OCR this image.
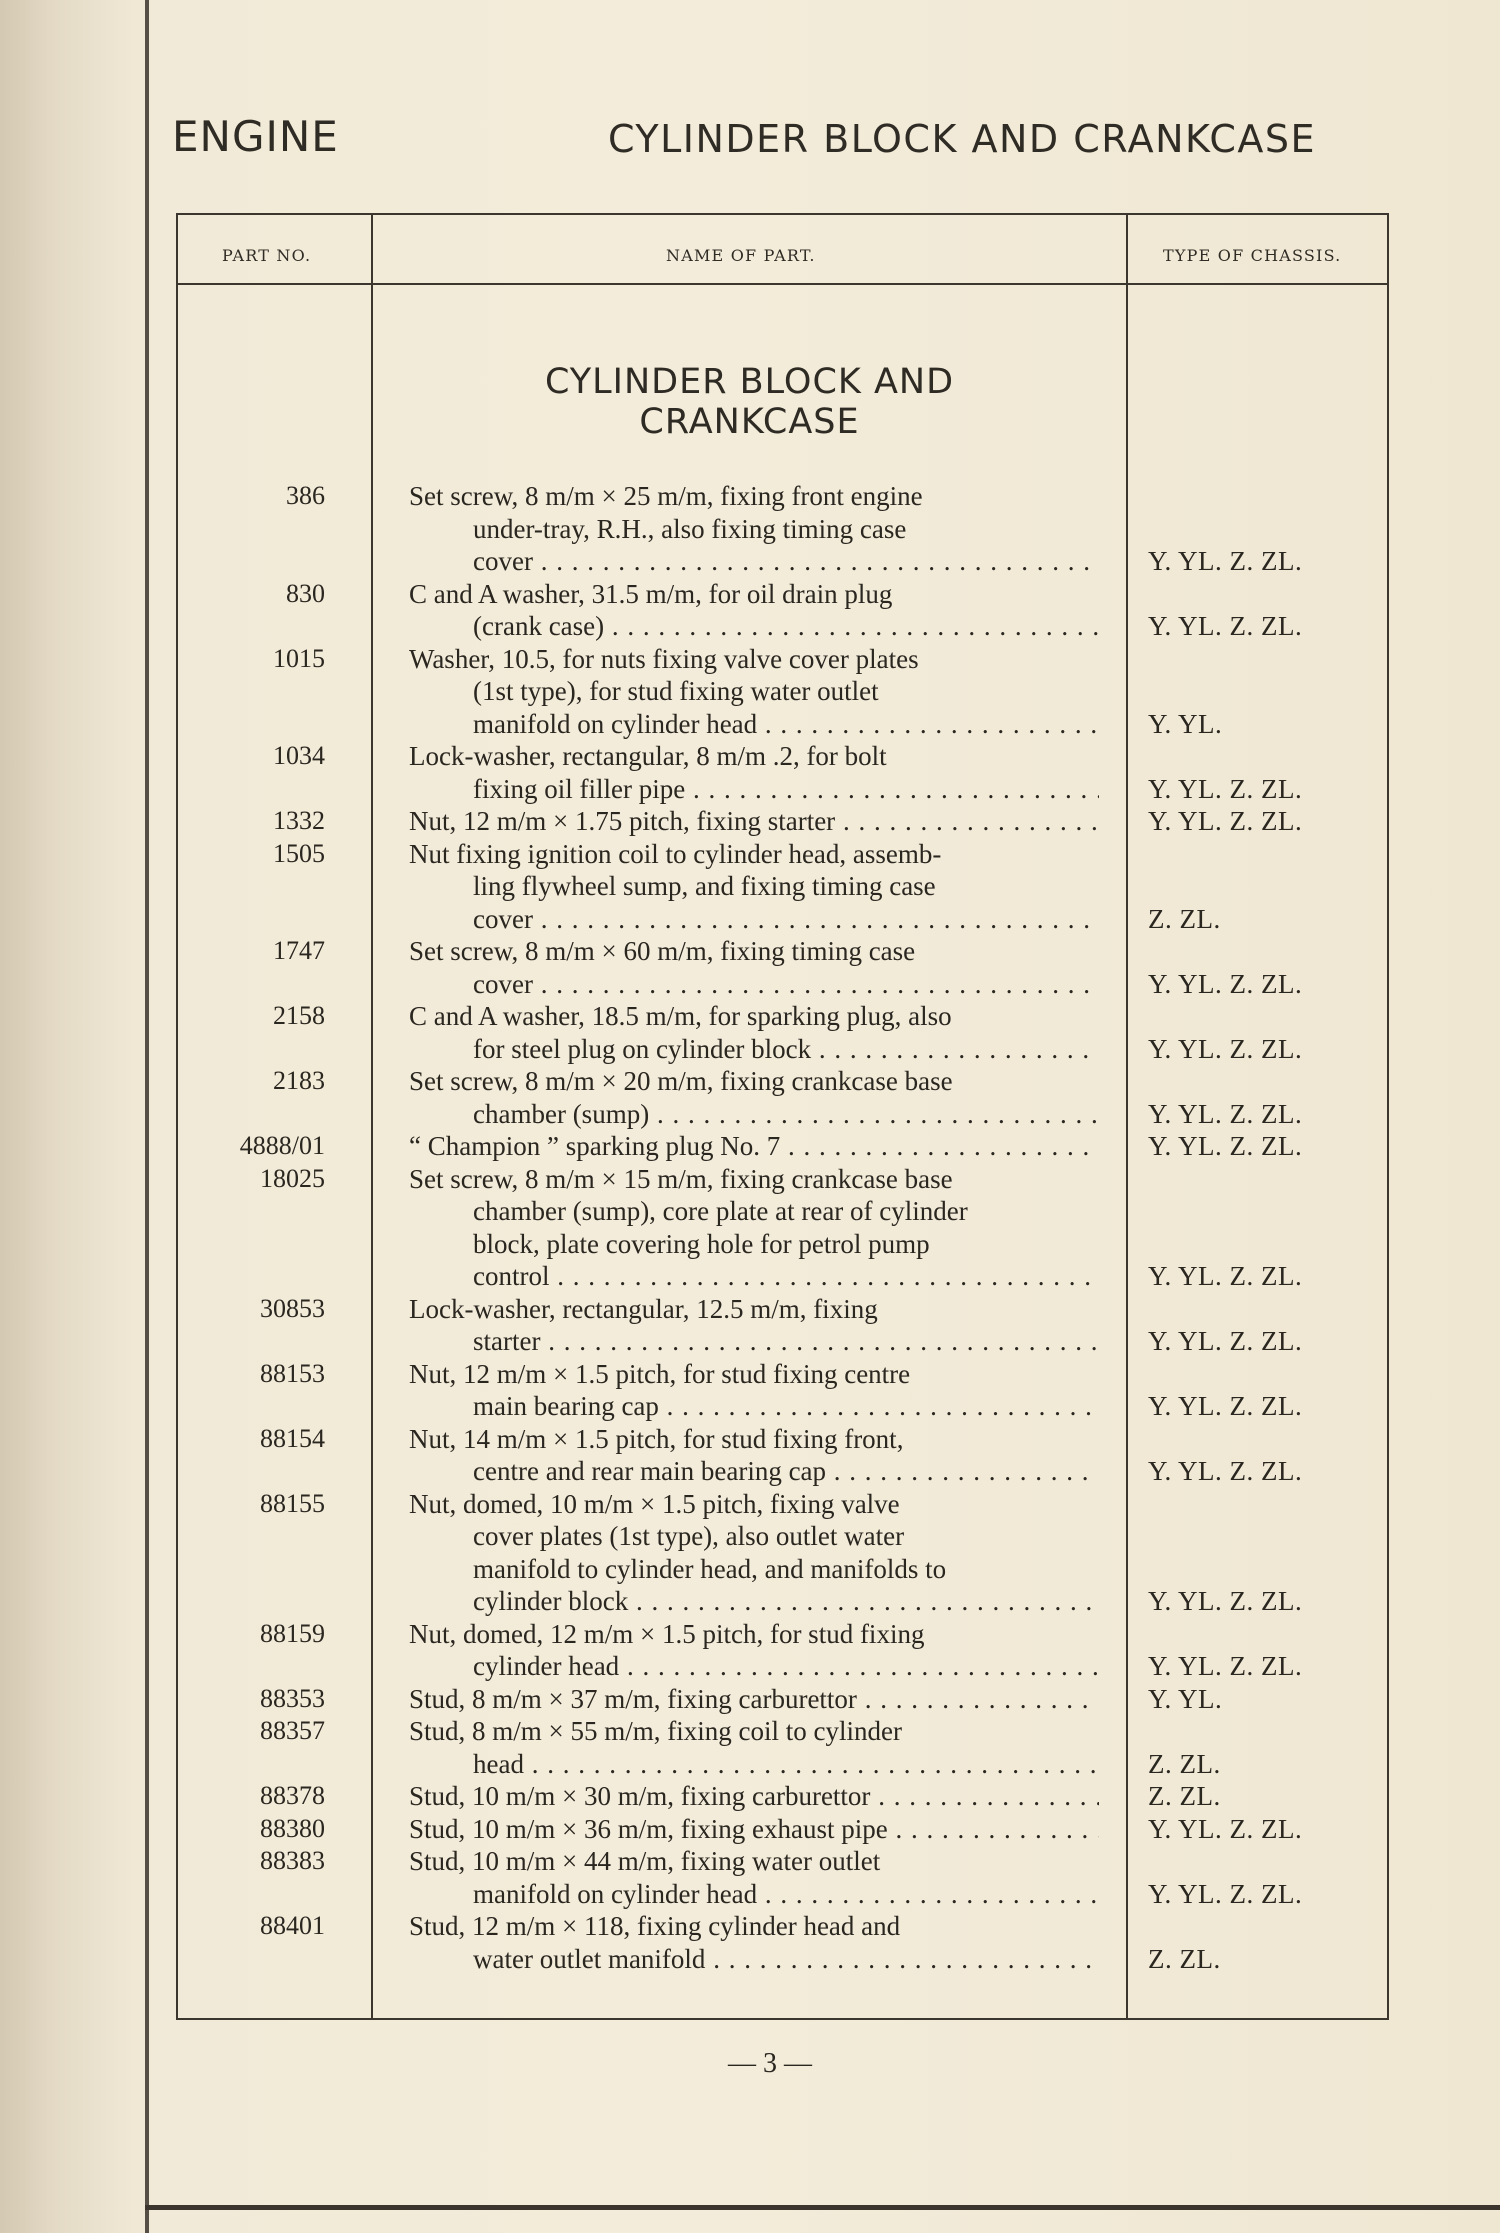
ENGINE	CYLINDER BLOCK AND CRANKCASE
PART NO.	NAME OF PART.	TYPE OF CHASSIS.
CYLINDER BLOCK AND
CRANKCASE
386	Set screw, 8 m/m × 25 m/m, fixing front engine
under-tray, R.H., also fixing timing case
cover . . .	Y. YL. Z. ZL.
830	C and A washer, 31.5 m/m, for oil drain plug
(crank case) . . .	Y. YL. Z. ZL.
1015	Washer, 10.5, for nuts fixing valve cover plates
(1st type), for stud fixing water outlet
manifold on cylinder head . . .	Y. YL.
1034	Lock-washer, rectangular, 8 m/m .2, for bolt
fixing oil filler pipe . . .	Y. YL. Z. ZL.
1332	Nut, 12 m/m × 1.75 pitch, fixing starter . . .	Y. YL. Z. ZL.
1505	Nut fixing ignition coil to cylinder head, assemb-
ling flywheel sump, and fixing timing case
cover . . .	Z. ZL.
1747	Set screw, 8 m/m × 60 m/m, fixing timing case
cover . . .	Y. YL. Z. ZL.
2158	C and A washer, 18.5 m/m, for sparking plug, also
for steel plug on cylinder block . . .	Y. YL. Z. ZL.
2183	Set screw, 8 m/m × 20 m/m, fixing crankcase base
chamber (sump) . . .	Y. YL. Z. ZL.
4888/01	“ Champion ” sparking plug No. 7 . . .	Y. YL. Z. ZL.
18025	Set screw, 8 m/m × 15 m/m, fixing crankcase base
chamber (sump), core plate at rear of cylinder
block, plate covering hole for petrol pump
control . . .	Y. YL. Z. ZL.
30853	Lock-washer, rectangular, 12.5 m/m, fixing
starter . . .	Y. YL. Z. ZL.
88153	Nut, 12 m/m × 1.5 pitch, for stud fixing centre
main bearing cap . . .	Y. YL. Z. ZL.
88154	Nut, 14 m/m × 1.5 pitch, for stud fixing front,
centre and rear main bearing cap . . .	Y. YL. Z. ZL.
88155	Nut, domed, 10 m/m × 1.5 pitch, fixing valve
cover plates (1st type), also outlet water
manifold to cylinder head, and manifolds to
cylinder block . . .	Y. YL. Z. ZL.
88159	Nut, domed, 12 m/m × 1.5 pitch, for stud fixing
cylinder head . . .	Y. YL. Z. ZL.
88353	Stud, 8 m/m × 37 m/m, fixing carburettor . . .	Y. YL.
88357	Stud, 8 m/m × 55 m/m, fixing coil to cylinder
head . . .	Z. ZL.
88378	Stud, 10 m/m × 30 m/m, fixing carburettor . . .	Z. ZL.
88380	Stud, 10 m/m × 36 m/m, fixing exhaust pipe . . .	Y. YL. Z. ZL.
88383	Stud, 10 m/m × 44 m/m, fixing water outlet
manifold on cylinder head . . .	Y. YL. Z. ZL.
88401	Stud, 12 m/m × 118, fixing cylinder head and
water outlet manifold . . .	Z. ZL.
— 3 —
